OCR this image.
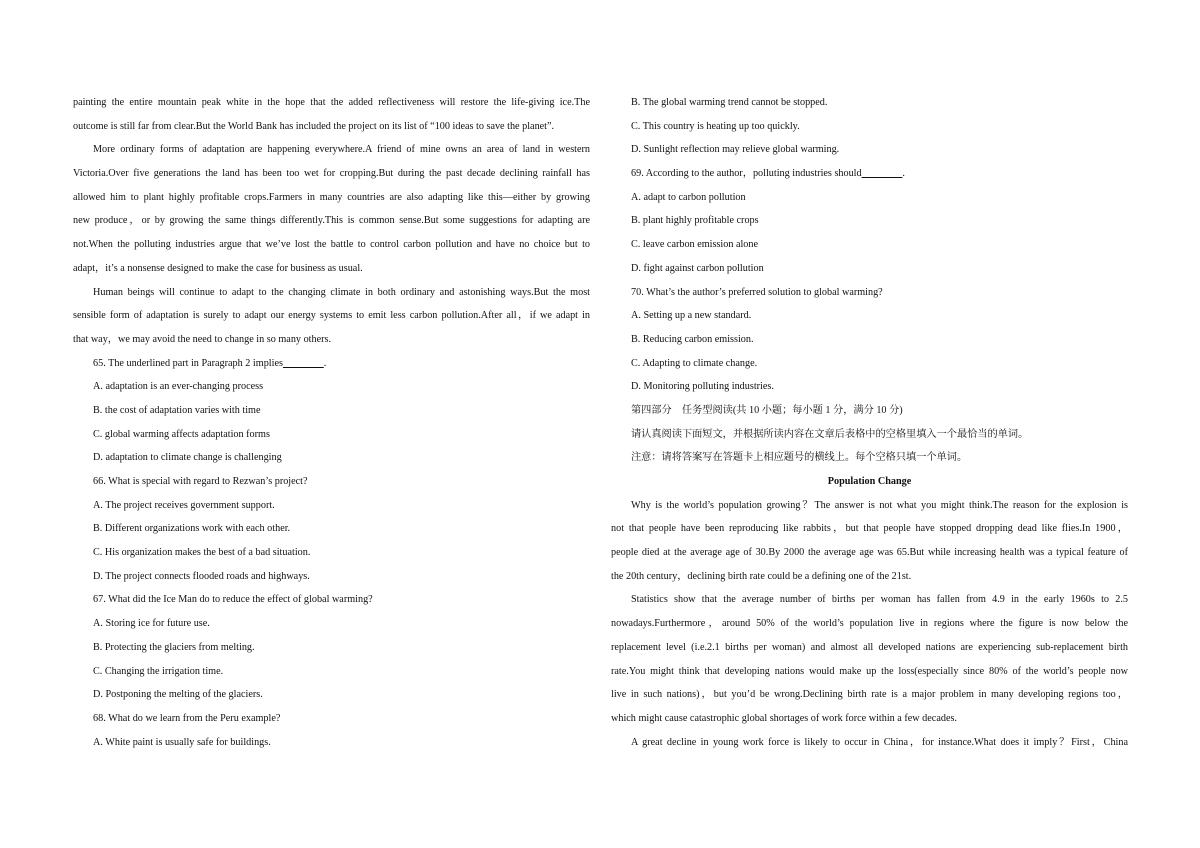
painting the entire mountain peak white in the hope that the added reflectiveness will restore the life-giving ice.The
outcome is still far from clear.But the World Bank has included the project on its list of “100 ideas to save the planet”.
More ordinary forms of adaptation are happening everywhere.A friend of mine owns an area of land in western
Victoria.Over five generations the land has been too wet for cropping.But during the past decade declining rainfall has
allowed him to plant highly profitable crops.Farmers in many countries are also adapting like this—either by growing
new produce，or by growing the same things differently.This is common sense.But some suggestions for adapting are
not.When the polluting industries argue that we’ve lost the battle to control carbon pollution and have no choice but to
adapt，it’s a nonsense designed to make the case for business as usual.
Human beings will continue to adapt to the changing climate in both ordinary and astonishing ways.But the most
sensible form of adaptation is surely to adapt our energy systems to emit less carbon pollution.After all，if we adapt in
that way，we may avoid the need to change in so many others.
65. The underlined part in Paragraph 2 implies________.
A. adaptation is an ever-changing process
B. the cost of adaptation varies with time
C. global warming affects adaptation forms
D. adaptation to climate change is challenging
66. What is special with regard to Rezwan’s project?
A. The project receives government support.
B. Different organizations work with each other.
C. His organization makes the best of a bad situation.
D. The project connects flooded roads and highways.
67. What did the Ice Man do to reduce the effect of global warming?
A. Storing ice for future use.
B. Protecting the glaciers from melting.
C. Changing the irrigation time.
D. Postponing the melting of the glaciers.
68. What do we learn from the Peru example?
A. White paint is usually safe for buildings.
B. The global warming trend cannot be stopped.
C. This country is heating up too quickly.
D. Sunlight reflection may relieve global warming.
69. According to the author，polluting industries should________.
A. adapt to carbon pollution
B. plant highly profitable crops
C. leave carbon emission alone
D. fight against carbon pollution
70. What’s the author’s preferred solution to global warming?
A. Setting up a new standard.
B. Reducing carbon emission.
C. Adapting to climate change.
D. Monitoring polluting industries.
第四部分　任务型阅读(共 10 小题；每小题 1 分，满分 10 分)
请认真阅读下面短文，并根据所读内容在文章后表格中的空格里填入一个最恰当的单词。
注意：请将答案写在答题卡上相应题号的横线上。每个空格只填一个单词。
Population Change
Why is the world’s population growing？The answer is not what you might think.The reason for the explosion is
not that people have been reproducing like rabbits，but that people have stopped dropping dead like flies.In 1900，
people died at the average age of 30.By 2000 the average age was 65.But while increasing health was a typical feature of
the 20th century，declining birth rate could be a defining one of the 21st.
Statistics show that the average number of births per woman has fallen from 4.9 in the early 1960s to 2.5
nowadays.Furthermore，around 50% of the world’s population live in regions where the figure is now below the
replacement level (i.e.2.1 births per woman) and almost all developed nations are experiencing sub-replacement birth
rate.You might think that developing nations would make up the loss(especially since 80% of the world’s people now
live in such nations)，but you’d be wrong.Declining birth rate is a major problem in many developing regions too，
which might cause catastrophic global shortages of work force within a few decades.
A great decline in young work force is likely to occur in China，for instance.What does it imply？First，China
